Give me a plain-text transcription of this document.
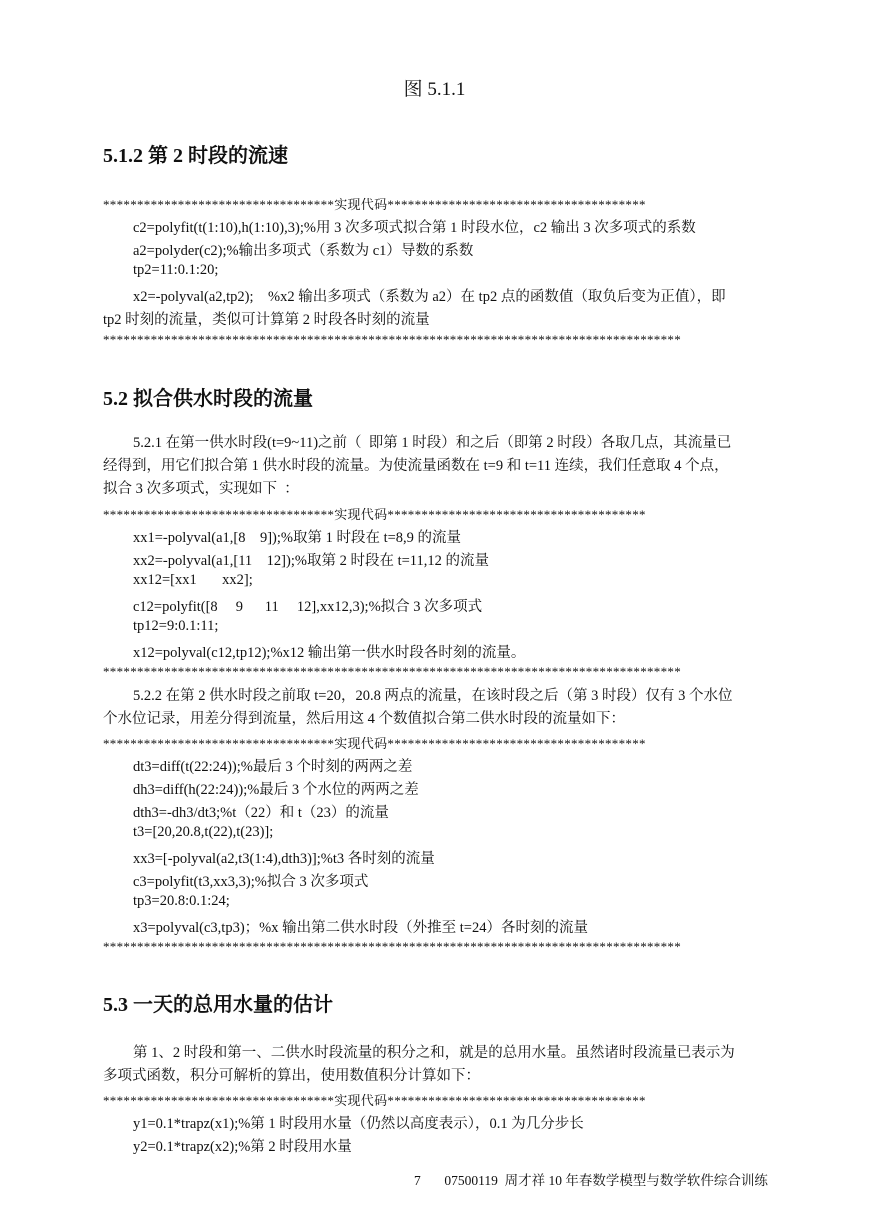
图 5.1.1
5.1.2 第 2 时段的流速
**********************************实现代码**************************************
c2=polyfit(t(1:10),h(1:10),3);%用 3 次多项式拟合第 1 时段水位，c2 输出 3 次多项式的系数
a2=polyder(c2);%输出多项式（系数为 c1）导数的系数
tp2=11:0.1:20;
x2=-polyval(a2,tp2);    %x2 输出多项式（系数为 a2）在 tp2 点的函数值（取负后变为正值），即
tp2 时刻的流量，类似可计算第 2 时段各时刻的流量
*************************************************************************************
5.2 拟合供水时段的流量
5.2.1 在第一供水时段(t=9~11)之前（  即第 1 时段）和之后（即第 2 时段）各取几点，其流量已
经得到，用它们拟合第 1 供水时段的流量。为使流量函数在 t=9 和 t=11 连续，我们任意取 4 个点，
拟合 3 次多项式，实现如下  ：
**********************************实现代码**************************************
xx1=-polyval(a1,[8    9]);%取第 1 时段在 t=8,9 的流量
xx2=-polyval(a1,[11    12]);%取第 2 时段在 t=11,12 的流量
xx12=[xx1       xx2];
c12=polyfit([8     9      11     12],xx12,3);%拟合 3 次多项式
tp12=9:0.1:11;
x12=polyval(c12,tp12);%x12 输出第一供水时段各时刻的流量。
*************************************************************************************
5.2.2 在第 2 供水时段之前取 t=20，20.8 两点的流量，在该时段之后（第 3 时段）仅有 3 个水位
个水位记录，用差分得到流量，然后用这 4 个数值拟合第二供水时段的流量如下：
**********************************实现代码**************************************
dt3=diff(t(22:24));%最后 3 个时刻的两两之差
dh3=diff(h(22:24));%最后 3 个水位的两两之差
dth3=-dh3/dt3;%t（22）和 t（23）的流量
t3=[20,20.8,t(22),t(23)];
xx3=[-polyval(a2,t3(1:4),dth3)];%t3 各时刻的流量
c3=polyfit(t3,xx3,3);%拟合 3 次多项式
tp3=20.8:0.1:24;
x3=polyval(c3,tp3)；%x 输出第二供水时段（外推至 t=24）各时刻的流量
*************************************************************************************
5.3 一天的总用水量的估计
第 1、2 时段和第一、二供水时段流量的积分之和，就是的总用水量。虽然诸时段流量已表示为
多项式函数，积分可解析的算出，使用数值积分计算如下：
**********************************实现代码**************************************
y1=0.1*trapz(x1);%第 1 时段用水量（仍然以高度表示），0.1 为几分步长
y2=0.1*trapz(x2);%第 2 时段用水量
7 07500119  周才祥 10 年春数学模型与数学软件综合训练
